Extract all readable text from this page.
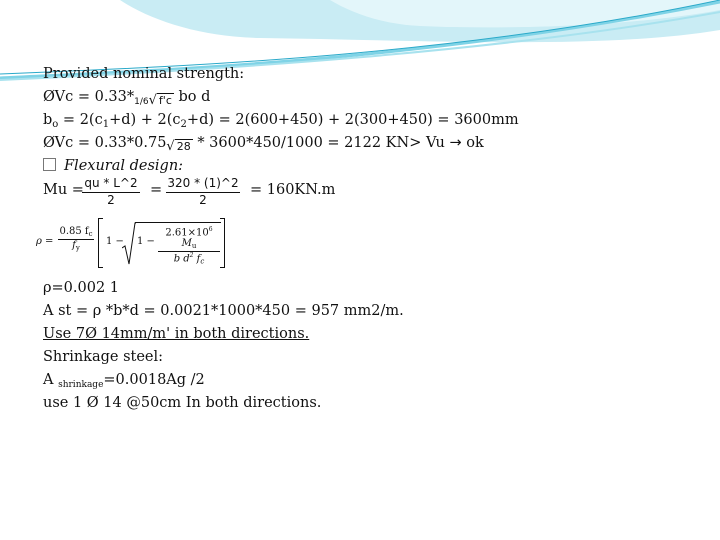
Provided nominal strength:
ØVc = 0.33*1/6√ f'c bo d
$b_o = 2(c_1+d) + 2(c_2+d) = 2(600+450) + 2(300+450) = 3600mm$
ØVc = 0.33*0.75√ 28 * 3600*450/1000 = 2122 KN> Vu → ok
Flexural design:
Mu =
$\frac{qu * L\^{}2}{2} = \frac{320 * (1)\^{}2}{2} = 160KN.m$
ρ =
0.85 $f_c$
$f_y$
1 − 1 −
$2.61\times 10^6$ $M_u$
b $d^2$ $f_c$
ρ=0.002 1
A st = ρ *b*d = 0.0021*1000*450 = 957 mm2/m.
Use 7Ø 14mm/m' in both directions.
Shrinkage steel:
A $_{shrinkage}$=0.0018Ag /2
use 1 Ø 14 @50cm In both directions.
